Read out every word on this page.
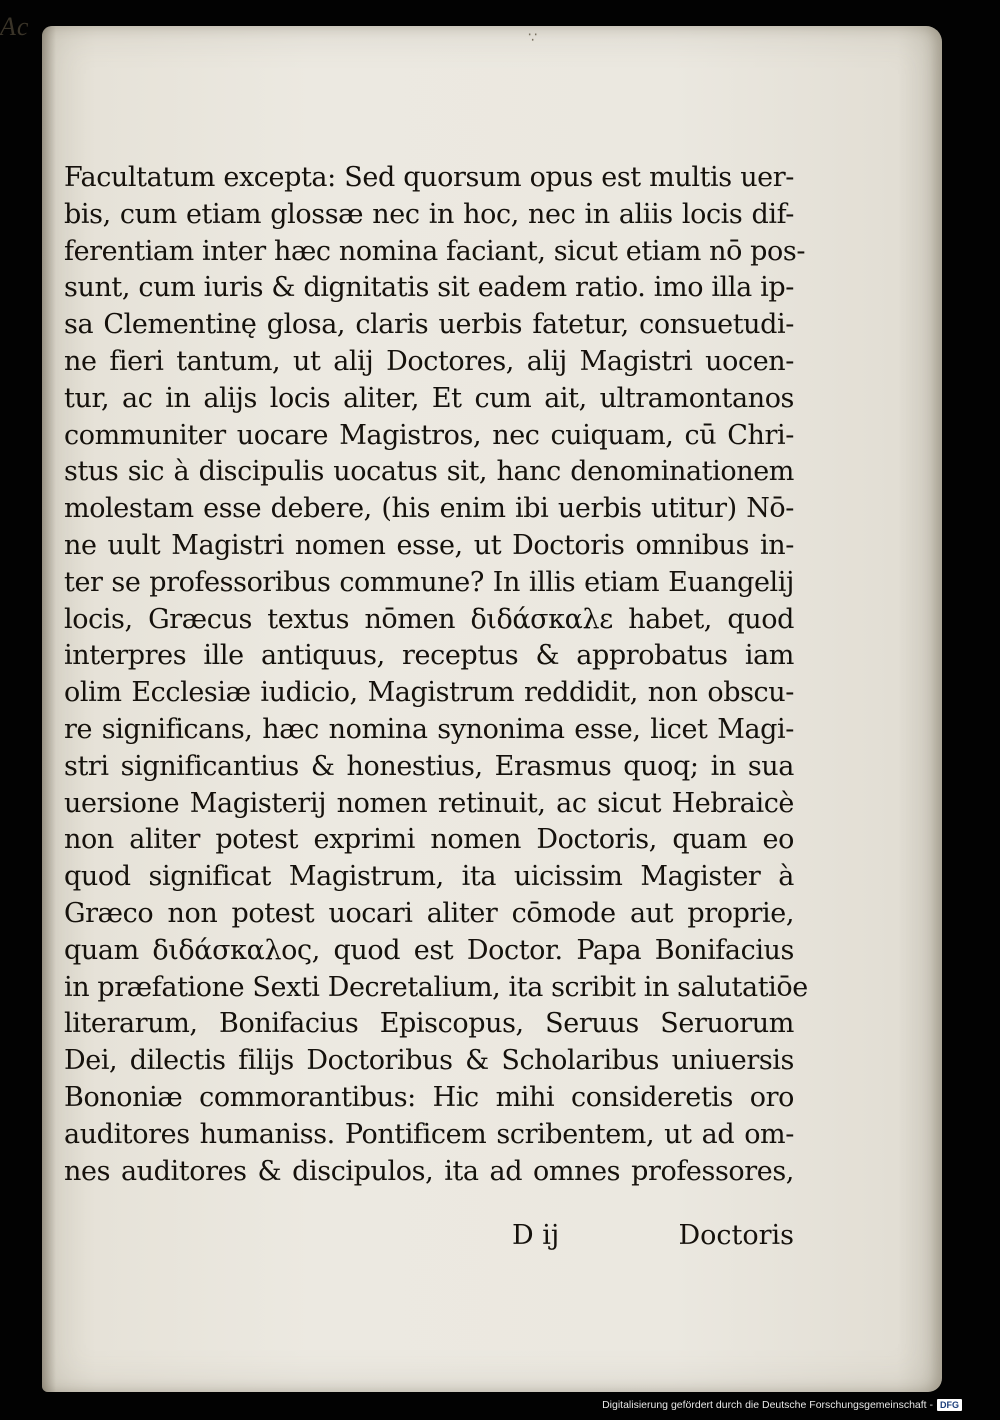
Ac	∵
Facultatum excepta: Sed quorsum opus est multis uer-
bis, cum etiam glossæ nec in hoc, nec in aliis locis dif-
ferentiam inter hæc nomina faciant, sicut etiam nō pos-
sunt, cum iuris & dignitatis sit eadem ratio. imo illa ip-
sa Clementinę glosa, claris uerbis fatetur, consuetudi-
ne fieri tantum, ut alij Doctores, alij Magistri uocen-
tur, ac in alijs locis aliter, Et cum ait, ultramontanos
communiter uocare Magistros, nec cuiquam, cū Chri-
stus sic à discipulis uocatus sit, hanc denominationem
molestam esse debere, (his enim ibi uerbis utitur) Nō-
ne uult Magistri nomen esse, ut Doctoris omnibus in-
ter se professoribus commune? In illis etiam Euangelij
locis, Græcus textus nōmen διδάσκαλε habet, quod
interpres ille antiquus, receptus & approbatus iam
olim Ecclesiæ iudicio, Magistrum reddidit, non obscu-
re significans, hæc nomina synonima esse, licet Magi-
stri significantius & honestius, Erasmus quoq; in sua
uersione Magisterij nomen retinuit, ac sicut Hebraicè
non aliter potest exprimi nomen Doctoris, quam eo
quod significat Magistrum, ita uicissim Magister à
Græco non potest uocari aliter cōmode aut proprie,
quam διδάσκαλος, quod est Doctor. Papa Bonifacius
in præfatione Sexti Decretalium, ita scribit in salutatiōe
literarum, Bonifacius Episcopus, Seruus Seruorum
Dei, dilectis filijs Doctoribus & Scholaribus uniuersis
Bononiæ commorantibus: Hic mihi consideretis oro
auditores humaniss. Pontificem scribentem, ut ad om-
nes auditores & discipulos, ita ad omnes professores,
D ij	Doctoris
Digitalisierung gefördert durch die Deutsche Forschungsgemeinschaft - DFG
